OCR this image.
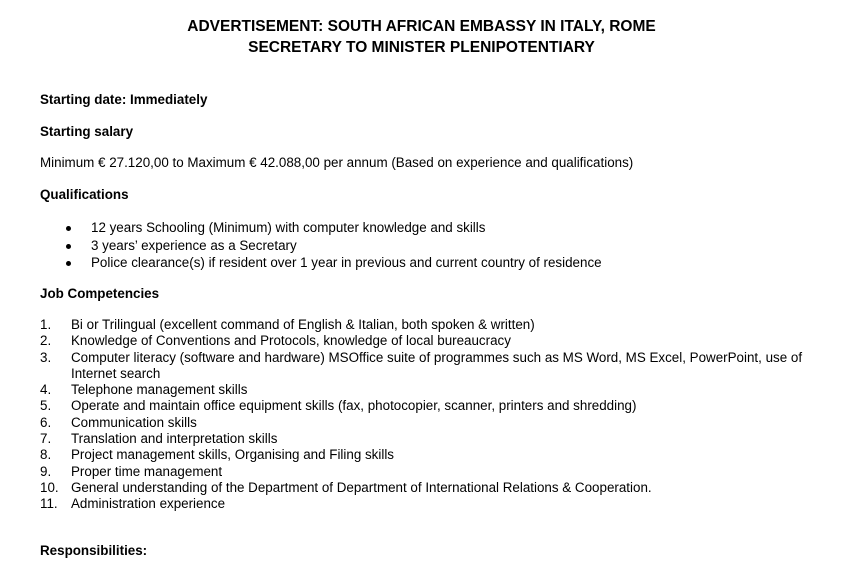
ADVERTISEMENT: SOUTH AFRICAN EMBASSY IN ITALY, ROME
SECRETARY TO MINISTER PLENIPOTENTIARY
Starting date: Immediately
Starting salary
Minimum € 27.120,00 to Maximum € 42.088,00 per annum (Based on experience and qualifications)
Qualifications
12 years Schooling (Minimum) with computer knowledge and skills
3 years’ experience as a Secretary
Police clearance(s) if resident over 1 year in previous and current country of residence
Job Competencies
1. Bi or Trilingual (excellent command of English & Italian, both spoken & written)
2. Knowledge of Conventions and Protocols, knowledge of local bureaucracy
3. Computer literacy (software and hardware) MSOffice suite of programmes such as MS Word, MS Excel, PowerPoint, use of Internet search
4. Telephone management skills
5. Operate and maintain office equipment skills (fax, photocopier, scanner, printers and shredding)
6. Communication skills
7. Translation and interpretation skills
8. Project management skills, Organising and Filing skills
9. Proper time management
10. General understanding of the Department of Department of International Relations & Cooperation.
11. Administration experience
Responsibilities:
